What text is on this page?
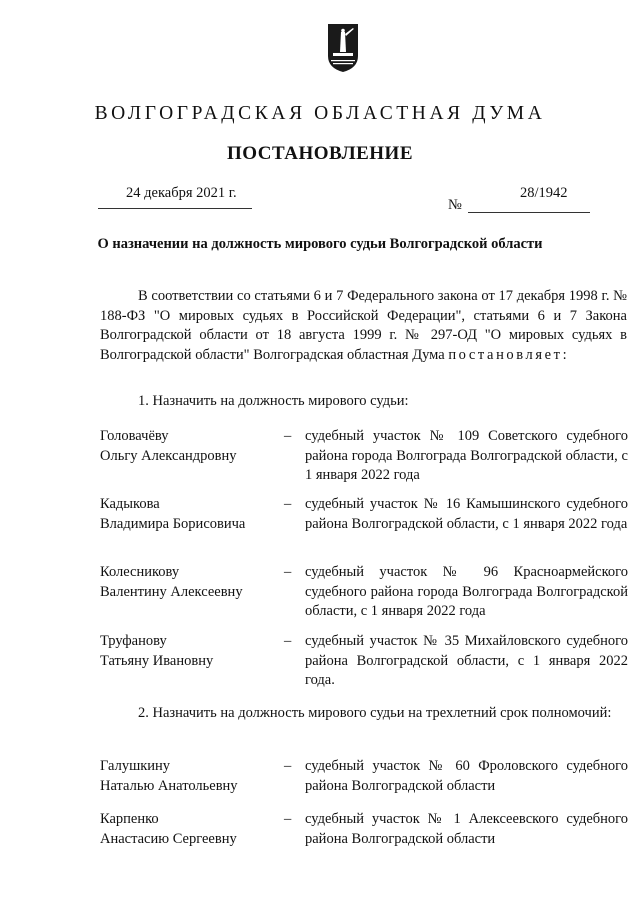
ВОЛГОГРАДСКАЯ ОБЛАСТНАЯ ДУМА
ПОСТАНОВЛЕНИЕ
24 декабря 2021 г.
№
28/1942
О назначении на должность мирового судьи Волгоградской области
В соответствии со статьями 6 и 7 Федерального закона от 17 декабря 1998 г. № 188-ФЗ "О мировых судьях в Российской Федерации", статьями 6 и 7 Закона Волгоградской области от 18 августа 1999 г. № 297-ОД "О мировых судьях в Волгоградской области" Волгоградская областная Дума постановляет:
1. Назначить на должность мирового судьи:
Головачёву
Ольгу Александровну
– судебный участок № 109 Советского судебного района города Волгограда Волгоградской области, с 1 января 2022 года
Кадыкова
Владимира Борисовича
– судебный участок № 16 Камышинского судебного района Волгоградской области, с 1 января 2022 года
Колесникову
Валентину Алексеевну
– судебный участок № 96 Красноармейского судебного района города Волгограда Волгоградской области, с 1 января 2022 года
Труфанову
Татьяну Ивановну
– судебный участок № 35 Михайловского судебного района Волгоградской области, с 1 января 2022 года.
2. Назначить на должность мирового судьи на трехлетний срок полномочий:
Галушкину
Наталью Анатольевну
– судебный участок № 60 Фроловского судебного района Волгоградской области
Карпенко
Анастасию Сергеевну
– судебный участок № 1 Алексеевского судебного района Волгоградской области
